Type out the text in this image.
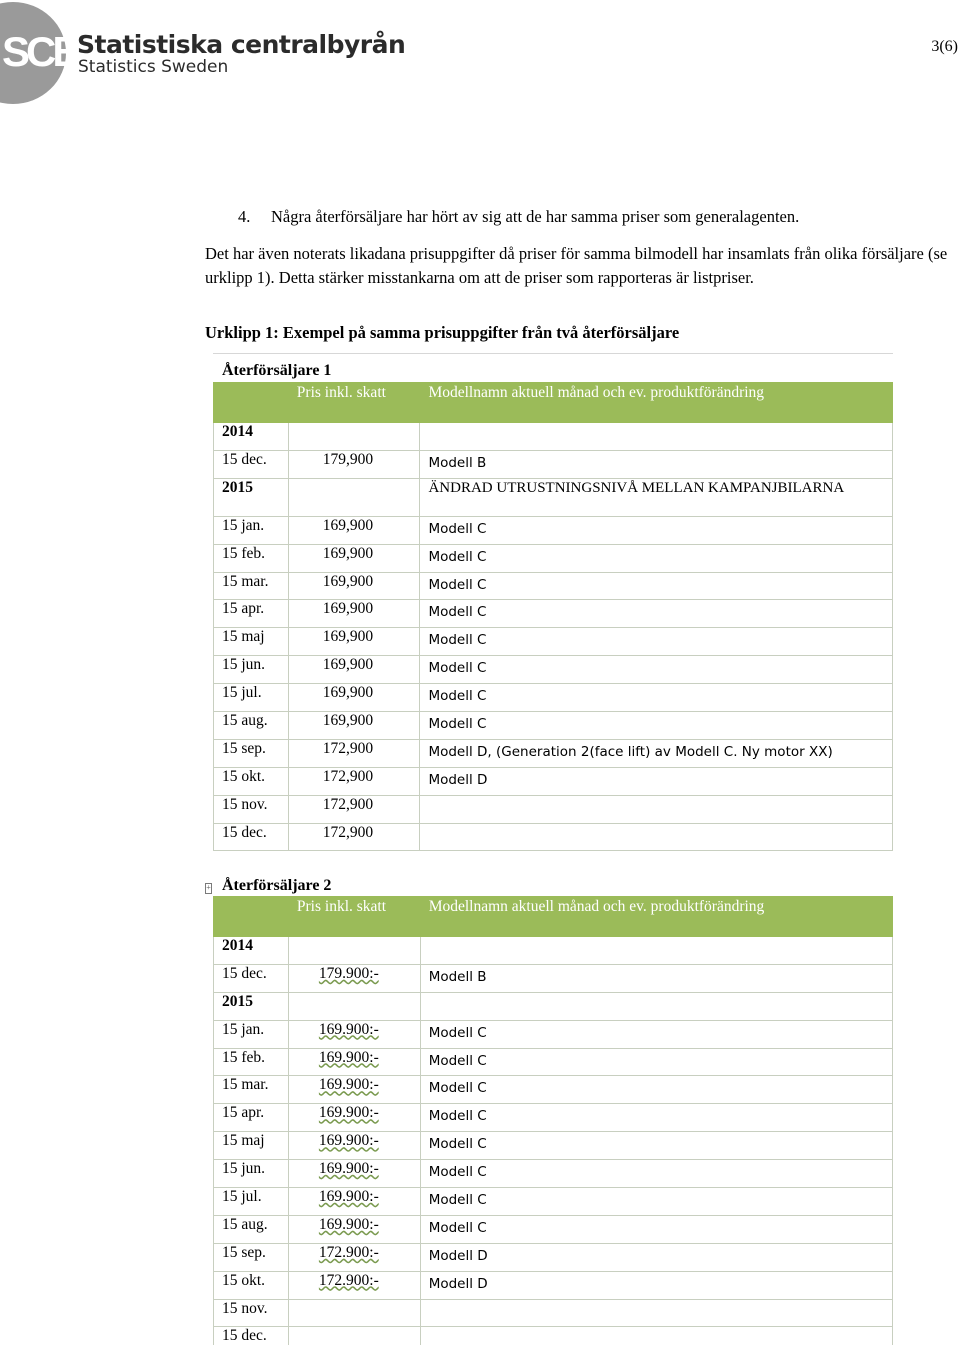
SCB
Statistiska centralbyrån
Statistics Sweden
3(6)
4. Några återförsäljare har hört av sig att de har samma priser som generalagenten.
Det har även noterats likadana prisuppgifter då priser för samma bilmodell har insamlats från olika försäljare (se urklipp 1). Detta stärker misstankarna om att de priser som rapporteras är listpriser.
Urklipp 1: Exempel på samma prisuppgifter från två återförsäljare
Återförsäljare 1
	Pris inkl. skatt	Modellnamn aktuell månad och ev. produktförändring
2014		
15 dec.	179,900	Modell B
2015		ÄNDRAD UTRUSTNINGSNIVÅ MELLAN KAMPANJBILARNA
15 jan.	169,900	Modell C
15 feb.	169,900	Modell C
15 mar.	169,900	Modell C
15 apr.	169,900	Modell C
15 maj	169,900	Modell C
15 jun.	169,900	Modell C
15 jul.	169,900	Modell C
15 aug.	169,900	Modell C
15 sep.	172,900	Modell D, (Generation 2(face lift) av Modell C. Ny motor XX)
15 okt.	172,900	Modell D
15 nov.	172,900	
15 dec.	172,900	
+ Återförsäljare 2
	Pris inkl. skatt	Modellnamn aktuell månad och ev. produktförändring
2014		
15 dec.	179.900:-	Modell B
2015		
15 jan.	169.900:-	Modell C
15 feb.	169.900:-	Modell C
15 mar.	169.900:-	Modell C
15 apr.	169.900:-	Modell C
15 maj	169.900:-	Modell C
15 jun.	169.900:-	Modell C
15 jul.	169.900:-	Modell C
15 aug.	169.900:-	Modell C
15 sep.	172.900:-	Modell D
15 okt.	172.900:-	Modell D
15 nov.		
15 dec.		
